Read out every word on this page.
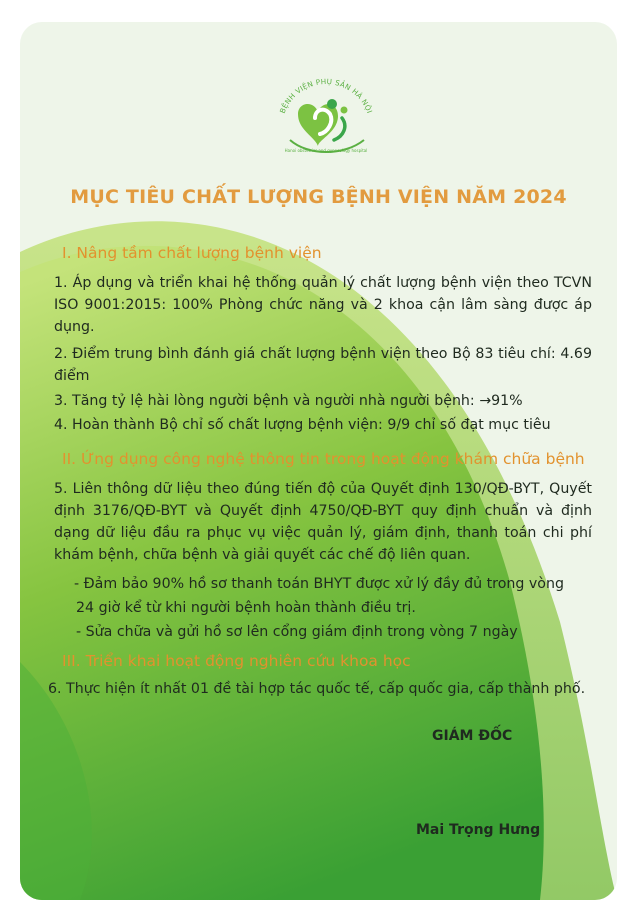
BỆNH VIỆN PHỤ SẢN HÀ NỘI
Hanoi obstetrics and gynecology hospital
MỤC TIÊU CHẤT LƯỢNG BỆNH VIỆN NĂM 2024
I. Nâng tầm chất lượng bệnh viện
1. Áp dụng và triển khai hệ thống quản lý chất lượng bệnh viện theo TCVN ISO 9001:2015: 100% Phòng chức năng và 2 khoa cận lâm sàng được áp dụng.
2. Điểm trung bình đánh giá chất lượng bệnh viện theo Bộ 83 tiêu chí: 4.69 điểm
3. Tăng tỷ lệ hài lòng người bệnh và người nhà người bệnh: →91%
4. Hoàn thành Bộ chỉ số chất lượng bệnh viện: 9/9 chỉ số đạt mục tiêu
II. Ứng dụng công nghệ thông tin trong hoạt động khám chữa bệnh
5. Liên thông dữ liệu theo đúng tiến độ của Quyết định 130/QĐ-BYT, Quyết định 3176/QĐ-BYT và Quyết định 4750/QĐ-BYT quy định chuẩn và định dạng dữ liệu đầu ra phục vụ việc quản lý, giám định, thanh toán chi phí khám bệnh, chữa bệnh và giải quyết các chế độ liên quan.
- Đảm bảo 90% hồ sơ thanh toán BHYT được xử lý đầy đủ trong vòng
24 giờ kể từ khi người bệnh hoàn thành điều trị.
- Sửa chữa và gửi hồ sơ lên cổng giám định trong vòng 7 ngày
III. Triển khai hoạt động nghiên cứu khoa học
6. Thực hiện ít nhất 01 đề tài hợp tác quốc tế, cấp quốc gia, cấp thành phố.
GIÁM ĐỐC
Mai Trọng Hưng
